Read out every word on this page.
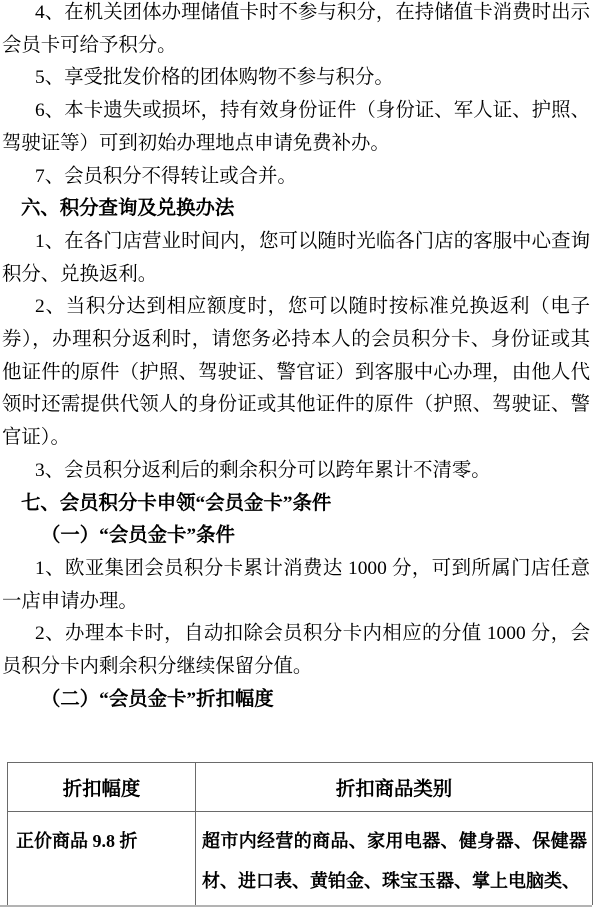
4、在机关团体办理储值卡时不参与积分，在持储值卡消费时出示会员卡可给予积分。

5、享受批发价格的团体购物不参与积分。

6、本卡遗失或损坏，持有效身份证件（身份证、军人证、护照、驾驶证等）可到初始办理地点申请免费补办。

7、会员积分不得转让或合并。

六、积分查询及兑换办法

1、在各门店营业时间内，您可以随时光临各门店的客服中心查询积分、兑换返利。

2、当积分达到相应额度时，您可以随时按标准兑换返利（电子券），办理积分返利时，请您务必持本人的会员积分卡、身份证或其他证件的原件（护照、驾驶证、警官证）到客服中心办理，由他人代领时还需提供代领人的身份证或其他证件的原件（护照、驾驶证、警官证）。

3、会员积分返利后的剩余积分可以跨年累计不清零。

七、会员积分卡申领“会员金卡”条件

（一）“会员金卡”条件

1、欧亚集团会员积分卡累计消费达 1000 分，可到所属门店任意一店申请办理。

2、办理本卡时，自动扣除会员积分卡内相应的分值 1000 分，会员积分卡内剩余积分继续保留分值。

（二）“会员金卡”折扣幅度

折扣幅度	折扣商品类别
正价商品 9.8 折	超市内经营的商品、家用电器、健身器、保健器材、进口表、黄铂金、珠宝玉器、掌上电脑类、
